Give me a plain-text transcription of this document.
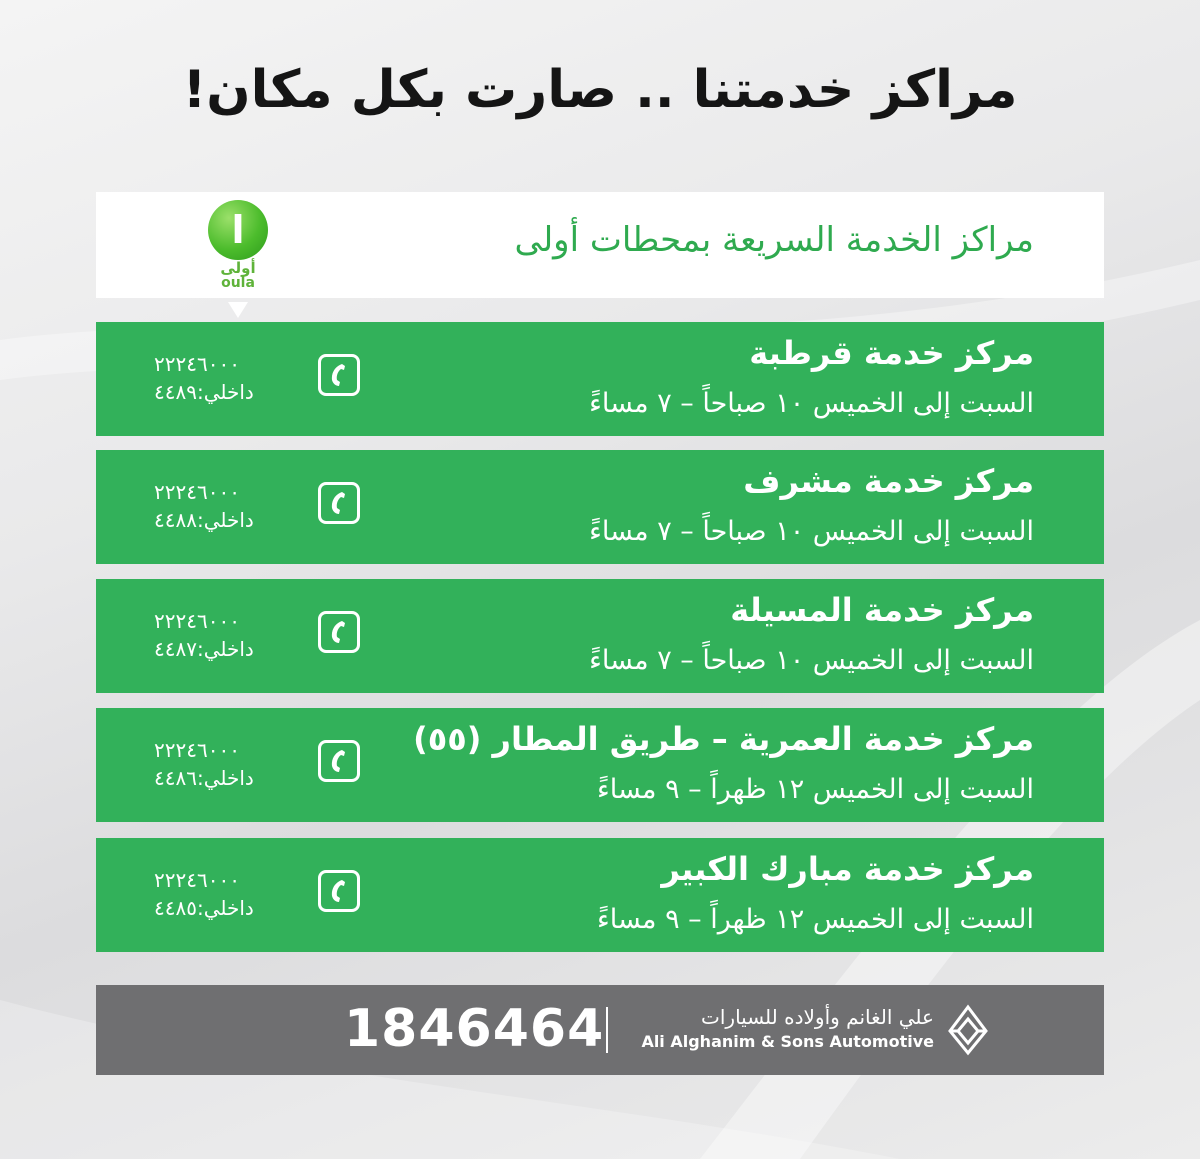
مراكز خدمتنا .. صارت بكل مكان!
مراكز الخدمة السريعة بمحطات أولى
ا
أولى
oula
مركز خدمة قرطبة
السبت إلى الخميس ١٠ صباحاً – ٧ مساءً
٢٢٢٤٦٠٠٠
داخلي:٤٤٨٩
مركز خدمة مشرف
السبت إلى الخميس ١٠ صباحاً – ٧ مساءً
٢٢٢٤٦٠٠٠
داخلي:٤٤٨٨
مركز خدمة المسيلة
السبت إلى الخميس ١٠ صباحاً – ٧ مساءً
٢٢٢٤٦٠٠٠
داخلي:٤٤٨٧
مركز خدمة العمرية – طريق المطار (٥٥)
السبت إلى الخميس ١٢ ظهراً – ٩ مساءً
٢٢٢٤٦٠٠٠
داخلي:٤٤٨٦
مركز خدمة مبارك الكبير
السبت إلى الخميس ١٢ ظهراً – ٩ مساءً
٢٢٢٤٦٠٠٠
داخلي:٤٤٨٥
1846464	علي الغانم وأولاده للسيارات
Ali Alghanim & Sons Automotive
